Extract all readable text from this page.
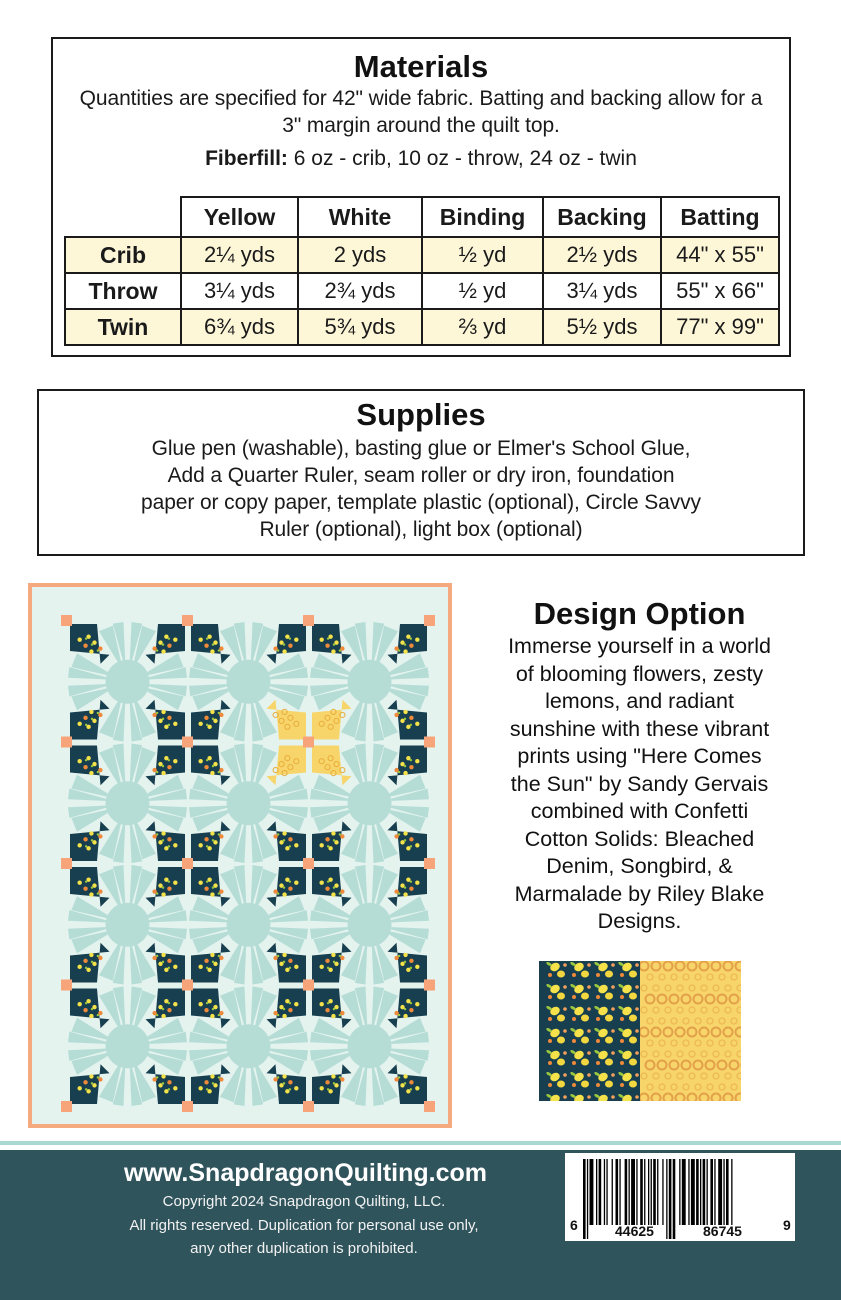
Materials

Quantities are specified for 42" wide fabric. Batting and backing allow for a 3" margin around the quilt top.

Fiberfill: 6 oz - crib, 10 oz - throw, 24 oz - twin

	Yellow	White	Binding	Backing	Batting
Crib	2¼ yds	2 yds	½ yd	2½ yds	44" x 55"
Throw	3¼ yds	2¾ yds	½ yd	3¼ yds	55" x 66"
Twin	6¾ yds	5¾ yds	⅔ yd	5½ yds	77" x 99"
Supplies
Glue pen (washable), basting glue or Elmer's School Glue,
Add a Quarter Ruler, seam roller or dry iron, foundation
paper or copy paper, template plastic (optional), Circle Savvy
Ruler (optional), light box (optional)
Design Option
Immerse yourself in a world
of blooming flowers, zesty
lemons, and radiant
sunshine with these vibrant
prints using "Here Comes
the Sun" by Sandy Gervais
combined with Confetti
Cotton Solids: Bleached
Denim, Songbird, &
Marmalade by Riley Blake
Designs.
www.SnapdragonQuilting.com
Copyright 2024 Snapdragon Quilting, LLC.
All rights reserved. Duplication for personal use only,
any other duplication is prohibited.
6	44625	86745	9
